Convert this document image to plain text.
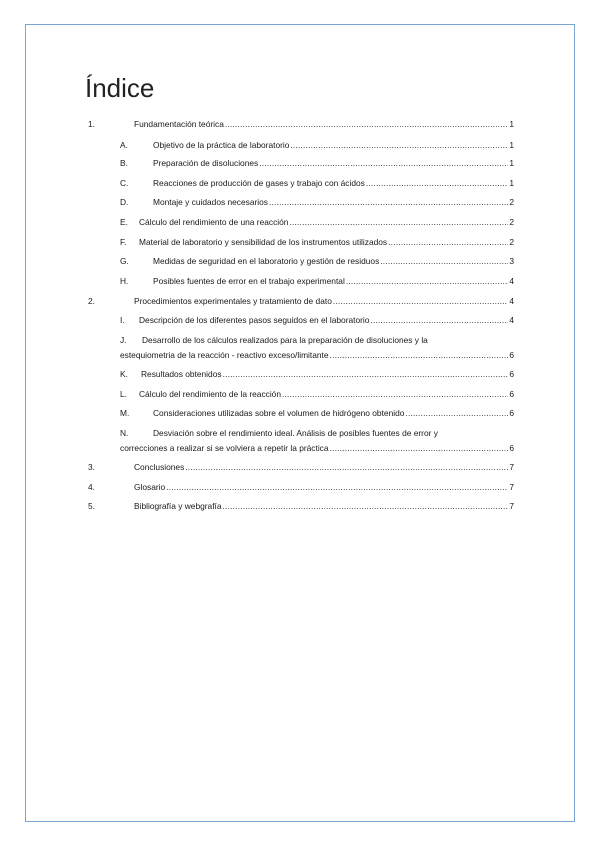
Índice
1.	Fundamentación teórica .....	1
A.	Objetivo de la práctica de laboratorio .....	1
B.	Preparación de disoluciones .....	1
C.	Reacciones de producción de gases y trabajo con ácidos .....	1
D.	Montaje y cuidados necesarios .....	2
E. Cálculo del rendimiento de una reacción .....	2
F. Material de laboratorio y sensibilidad de los instrumentos utilizados .....	2
G.	Medidas de seguridad en el laboratorio y gestión de residuos .....	3
H.	Posibles fuentes de error en el trabajo experimental .....	4
2.	Procedimientos experimentales y tratamiento de dato .....	4
I. Descripción de los diferentes pasos seguidos en el laboratorio .....	4
J. Desarrollo de los cálculos realizados para la preparación de disoluciones y la
estequiometria de la reacción - reactivo exceso/limitante .....	6
K. Resultados obtenidos .....	6
L. Cálculo del rendimiento de la reacción .....	6
M.	Consideraciones utilizadas sobre el volumen de hidrógeno obtenido .....	6
N.	Desviación sobre el rendimiento ideal. Análisis de posibles fuentes de error y
correcciones a realizar si se volviera a repetir la práctica .....	6
3.	Conclusiones .....	7
4.	Glosario .....	7
5.	Bibliografía y webgrafía .....	7
